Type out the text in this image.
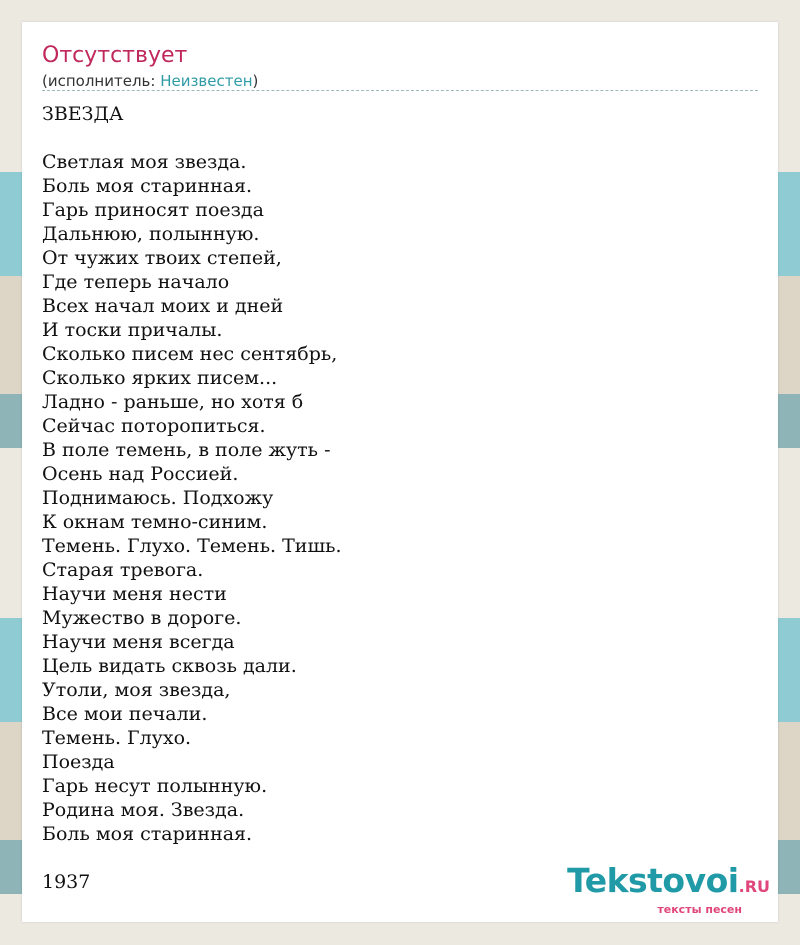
Отсутствует
(исполнитель: Неизвестен)
ЗВЕЗДА
Светлая моя звезда.
Боль моя старинная.
Гарь приносят поезда
Дальнюю, полынную.
От чужих твоих степей,
Где теперь начало
Всех начал моих и дней
И тоски причалы.
Сколько писем нес сентябрь,
Сколько ярких писем...
Ладно - раньше, но хотя б
Сейчас поторопиться.
В поле темень, в поле жуть -
Осень над Россией.
Поднимаюсь. Подхожу
К окнам темно-синим.
Темень. Глухо. Темень. Тишь.
Старая тревога.
Научи меня нести
Мужество в дороге.
Научи меня всегда
Цель видать сквозь дали.
Утоли, моя звезда,
Все мои печали.
Темень. Глухо.
Поезда
Гарь несут полынную.
Родина моя. Звезда.
Боль моя старинная.
1937	Tekstovoi.RU
тексты песен
